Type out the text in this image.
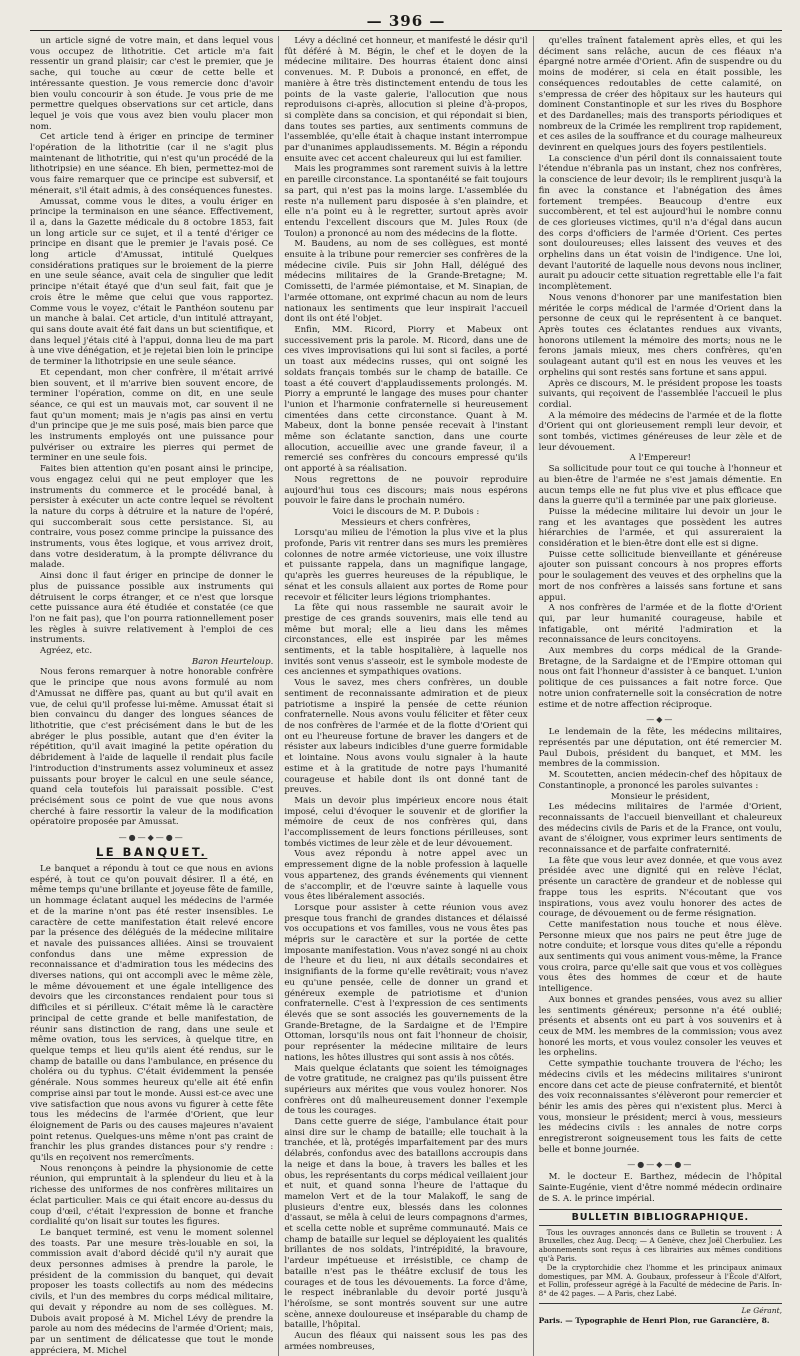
— 396 —

un article signé de votre main, et dans lequel vous vous occupez de lithotritie. Cet article m'a fait ressentir un grand plaisir; car c'est le premier, que je sache, qui touche au cœur de cette belle et intéressante question. Je vous remercie donc d'avoir bien voulu concourir à son étude. Je vous prie de me permettre quelques observations sur cet article, dans lequel je vois que vous avez bien voulu placer mon nom.

Cet article tend à ériger en principe de terminer l'opération de la lithotritie (car il ne s'agit plus maintenant de lithotritie, qui n'est qu'un procédé de la lithotripsie) en une séance. Eh bien, permettez-moi de vous faire remarquer que ce principe est subversif, et ménerait, s'il était admis, à des conséquences funestes.

Amussat, comme vous le dites, a voulu ériger en principe la terminaison en une séance. Effectivement, il a, dans la Gazette médicale du 8 octobre 1853, fait un long article sur ce sujet, et il a tenté d'ériger ce principe en disant que le premier je l'avais posé. Ce long article d'Amussat, intitulé Quelques considérations pratiques sur le broiement de la pierre en une seule séance, avait cela de singulier que ledit principe n'était étayé que d'un seul fait, fait que je crois être le même que celui que vous rapportez. Comme vous le voyez, c'était le Panthéon soutenu par un manche à balai. Cet article, d'un intitulé attrayant, qui sans doute avait été fait dans un but scientifique, et dans lequel j'étais cité à l'appui, donna lieu de ma part à une vive dénégation, et je rejetai bien loin le principe de terminer la lithotripsie en une seule séance.

Et cependant, mon cher confrère, il m'était arrivé bien souvent, et il m'arrive bien souvent encore, de terminer l'opération, comme on dit, en une seule séance, ce qui est un mauvais mot, car souvent il ne faut qu'un moment; mais je n'agis pas ainsi en vertu d'un principe que je me suis posé, mais bien parce que les instruments employés ont une puissance pour pulvériser ou extraire les pierres qui permet de terminer en une seule fois.

Faites bien attention qu'en posant ainsi le principe, vous engagez celui qui ne peut employer que les instruments du commerce et le procédé banal, à persister à exécuter un acte contre lequel se révoltent la nature du corps à détruire et la nature de l'opéré, qui succomberait sous cette persistance. Si, au contraire, vous posez comme principe la puissance des instruments, vous êtes logique, et vous arrivez droit, dans votre desideratum, à la prompte délivrance du malade.

Ainsi donc il faut ériger en principe de donner le plus de puissance possible aux instruments qui détruisent le corps étranger, et ce n'est que lorsque cette puissance aura été étudiée et constatée (ce que l'on ne fait pas), que l'on pourra rationnellement poser les règles à suivre relativement à l'emploi de ces instruments.

Agréez, etc.

Baron Heurteloup.

Nous ferons remarquer à notre honorable confrère que le principe que nous avons formulé au nom d'Amussat ne diffère pas, quant au but qu'il avait en vue, de celui qu'il professe lui-même. Amussat était si bien convaincu du danger des longues séances de lithotritie, que c'est précisément dans le but de les abréger le plus possible, autant que d'en éviter la répétition, qu'il avait imaginé la petite opération du débridement à l'aide de laquelle il rendait plus facile l'introduction d'instruments assez volumineux et assez puissants pour broyer le calcul en une seule séance, quand cela toutefois lui paraissait possible. C'est précisément sous ce point de vue que nous avons cherché à faire ressortir la valeur de la modification opératoire proposée par Amussat.

—●—◆—●—
LE BANQUET.

Le banquet a répondu à tout ce que nous en avions espéré, à tout ce qu'on pouvait désirer. Il a été, en même temps qu'une brillante et joyeuse fête de famille, un hommage éclatant auquel les médecins de l'armée et de la marine n'ont pas été rester insensibles. Le caractère de cette manifestation était relevé encore par la présence des délégués de la médecine militaire et navale des puissances alliées. Ainsi se trouvaient confondus dans une même expression de reconnaissance et d'admiration tous les médecins des diverses nations, qui ont accompli avec le même zèle, le même dévouement et une égale intelligence des devoirs que les circonstances rendaient pour tous si difficiles et si périlleux. C'était même là le caractère principal de cette grande et belle manifestation, de réunir sans distinction de rang, dans une seule et même ovation, tous les services, à quelque titre, en quelque temps et lieu qu'ils aient été rendus, sur le champ de bataille ou dans l'ambulance, en présence du choléra ou du typhus. C'était évidemment la pensée générale. Nous sommes heureux qu'elle ait été enfin comprise ainsi par tout le monde. Aussi est-ce avec une vive satisfaction que nous avons vu figurer à cette fête tous les médecins de l'armée d'Orient, que leur éloignement de Paris ou des causes majeures n'avaient point retenus. Quelques-uns même n'ont pas craint de franchir les plus grandes distances pour s'y rendre : qu'ils en reçoivent nos remercîments.

Nous renonçons à peindre la physionomie de cette réunion, qui empruntait à la splendeur du lieu et à la richesse des uniformes de nos confrères militaires un éclat particulier. Mais ce qui était encore au-dessus du coup d'œil, c'était l'expression de bonne et franche cordialité qu'on lisait sur toutes les figures.

Le banquet terminé, est venu le moment solennel des toasts. Par une mesure très-louable en soi, la commission avait d'abord décidé qu'il n'y aurait que deux personnes admises à prendre la parole, le président de la commission du banquet, qui devait proposer les toasts collectifs au nom des médecins civils, et l'un des membres du corps médical militaire, qui devait y répondre au nom de ses collègues. M. Dubois avait proposé à M. Michel Lévy de prendre la parole au nom des médecins de l'armée d'Orient; mais, par un sentiment de délicatesse que tout le monde appréciera, M. Michel

Lévy a décliné cet honneur, et manifesté le désir qu'il fût déféré à M. Bégin, le chef et le doyen de la médecine militaire. Des hourras étaient donc ainsi convenues. M. P. Dubois a prononcé, en effet, de manière à être très distinctement entendu de tous les points de la vaste galerie, l'allocution que nous reproduisons ci-après, allocution si pleine d'à-propos, si complète dans sa concision, et qui répondait si bien, dans toutes ses parties, aux sentiments communs de l'assemblée, qu'elle était à chaque instant interrompue par d'unanimes applaudissements. M. Bégin a répondu ensuite avec cet accent chaleureux qui lui est familier.

Mais les programmes sont rarement suivis à la lettre en pareille circonstance. La spontanéité se fait toujours sa part, qui n'est pas la moins large. L'assemblée du reste n'a nullement paru disposée à s'en plaindre, et elle n'a point eu à le regretter, surtout après avoir entendu l'excellent discours que M. Jules Roux (de Toulon) a prononcé au nom des médecins de la flotte.

M. Baudens, au nom de ses collègues, est monté ensuite à la tribune pour remercier ses confrères de la médecine civile. Puis sir John Hall, délégué des médecins militaires de la Grande-Bretagne; M. Comissetti, de l'armée piémontaise, et M. Sinapian, de l'armée ottomane, ont exprimé chacun au nom de leurs nationaux les sentiments que leur inspirait l'accueil dont ils ont été l'objet.

Enfin, MM. Ricord, Piorry et Mabeux ont successivement pris la parole. M. Ricord, dans une de ces vives improvisations qui lui sont si faciles, a porté un toast aux médecins russes, qui ont soigné les soldats français tombés sur le champ de bataille. Ce toast a été couvert d'applaudissements prolongés. M. Piorry a emprunté le langage des muses pour chanter l'union et l'harmonie confraternelle si heureusement cimentées dans cette circonstance. Quant à M. Mabeux, dont la bonne pensée recevait à l'instant même son éclatante sanction, dans une courte allocution, accueillie avec une grande faveur, il a remercié ses confrères du concours empressé qu'ils ont apporté à sa réalisation.

Nous regrettons de ne pouvoir reproduire aujourd'hui tous ces discours; mais nous espérons pouvoir le faire dans le prochain numéro.

Voici le discours de M. P. Dubois :

Messieurs et chers confrères,

Lorsqu'au milieu de l'émotion la plus vive et la plus profonde, Paris vit rentrer dans ses murs les premières colonnes de notre armée victorieuse, une voix illustre et puissante rappela, dans un magnifique langage, qu'après les guerres heureuses de la république, le sénat et les consuls allaient aux portes de Rome pour recevoir et féliciter leurs légions triomphantes.

La fête qui nous rassemble ne saurait avoir le prestige de ces grands souvenirs, mais elle tend au même but moral; elle a lieu dans les mêmes circonstances, elle est inspirée par les mêmes sentiments, et la table hospitalière, à laquelle nos invités sont venus s'asseoir, est le symbole modeste de ces anciennes et sympathiques ovations.

Vous le savez, mes chers confrères, un double sentiment de reconnaissante admiration et de pieux patriotisme a inspiré la pensée de cette réunion confraternelle. Nous avons voulu féliciter et fêter ceux de nos confrères de l'armée et de la flotte d'Orient qui ont eu l'heureuse fortune de braver les dangers et de résister aux labeurs indicibles d'une guerre formidable et lointaine. Nous avons voulu signaler à la haute estime et à la gratitude de notre pays l'humanité courageuse et habile dont ils ont donné tant de preuves.

Mais un devoir plus impérieux encore nous était imposé, celui d'évoquer le souvenir et de glorifier la mémoire de ceux de nos confrères qui, dans l'accomplissement de leurs fonctions périlleuses, sont tombés victimes de leur zèle et de leur dévouement.

Vous avez répondu à notre appel avec un empressement digne de la noble profession à laquelle vous appartenez, des grands événements qui viennent de s'accomplir, et de l'œuvre sainte à laquelle vous vous êtes libéralement associés.

Lorsque pour assister à cette réunion vous avez presque tous franchi de grandes distances et délaissé vos occupations et vos familles, vous ne vous êtes pas mépris sur le caractère et sur la portée de cette imposante manifestation. Vous n'avez songé ni au choix de l'heure et du lieu, ni aux détails secondaires et insignifiants de la forme qu'elle revêtirait; vous n'avez eu qu'une pensée, celle de donner un grand et généreux exemple de patriotisme et d'union confraternelle. C'est à l'expression de ces sentiments élevés que se sont associés les gouvernements de la Grande-Bretagne, de la Sardaigne et de l'Empire Ottoman, lorsqu'ils nous ont fait l'honneur de choisir, pour représenter la médecine militaire de leurs nations, les hôtes illustres qui sont assis à nos côtés.

Mais quelque éclatants que soient les témoignages de votre gratitude, ne craignez pas qu'ils puissent être supérieurs aux mérites que vous voulez honorer. Nos confrères ont dû malheureusement donner l'exemple de tous les courages.

Dans cette guerre de siége, l'ambulance était pour ainsi dire sur le champ de bataille; elle touchait à la tranchée, et là, protégés imparfaitement par des murs délabrés, confondus avec des bataillons accroupis dans la neige et dans la boue, à travers les balles et les obus, les représentants du corps médical veillaient jour et nuit, et quand sonna l'heure de l'attaque du mamelon Vert et de la tour Malakoff, le sang de plusieurs d'entre eux, blessés dans les colonnes d'assaut, se mêla à celui de leurs compagnons d'armes, et scella cette noble et suprême communauté. Mais ce champ de bataille sur lequel se déployaient les qualités brillantes de nos soldats, l'intrépidité, la bravoure, l'ardeur impétueuse et irrésistible, ce champ de bataille n'est pas le théâtre exclusif de tous les courages et de tous les dévouements. La force d'âme, le respect inébranlable du devoir porté jusqu'à l'héroïsme, se sont montrés souvent sur une autre scène, annexe douloureuse et inséparable du champ de bataille, l'hôpital.

Aucun des fléaux qui naissent sous les pas des armées nombreuses,

qu'elles traînent fatalement après elles, et qui les déciment sans relâche, aucun de ces fléaux n'a épargné notre armée d'Orient. Afin de suspendre ou du moins de modérer, si cela en était possible, les conséquences redoutables de cette calamité, on s'empressa de créer des hôpitaux sur les hauteurs qui dominent Constantinople et sur les rives du Bosphore et des Dardanelles; mais des transports périodiques et nombreux de la Crimée les remplirent trop rapidement, et ces asiles de la souffrance et du courage malheureux devinrent en quelques jours des foyers pestilentiels.

La conscience d'un péril dont ils connaissaient toute l'étendue n'ébranla pas un instant, chez nos confrères, la conscience de leur devoir; ils le remplirent jusqu'à la fin avec la constance et l'abnégation des âmes fortement trempées. Beaucoup d'entre eux succombèrent, et tel est aujourd'hui le nombre connu de ces glorieuses victimes, qu'il n'a d'égal dans aucun des corps d'officiers de l'armée d'Orient. Ces pertes sont douloureuses; elles laissent des veuves et des orphelins dans un état voisin de l'indigence. Une loi, devant l'autorité de laquelle nous devons nous incliner, aurait pu adoucir cette situation regrettable elle l'a fait incomplètement.

Nous venons d'honorer par une manifestation bien méritée le corps médical de l'armée d'Orient dans la personne de ceux qui le représentent à ce banquet. Après toutes ces éclatantes rendues aux vivants, honorons utilement la mémoire des morts; nous ne le ferons jamais mieux, mes chers confrères, qu'en soulageant autant qu'il est en nous les veuves et les orphelins qui sont restés sans fortune et sans appui.

Après ce discours, M. le président propose les toasts suivants, qui reçoivent de l'assemblée l'accueil le plus cordial.

A la mémoire des médecins de l'armée et de la flotte d'Orient qui ont glorieusement rempli leur devoir, et sont tombés, victimes généreuses de leur zèle et de leur dévouement.

A l'Empereur!

Sa sollicitude pour tout ce qui touche à l'honneur et au bien-être de l'armée ne s'est jamais démentie. En aucun temps elle ne fut plus vive et plus efficace que dans la guerre qu'il a terminée par une paix glorieuse.

Puisse la médecine militaire lui devoir un jour le rang et les avantages que possèdent les autres hiérarchies de l'armée, et qui assureraient la considération et le bien-être dont elle est si digne.

Puisse cette sollicitude bienveillante et généreuse ajouter son puissant concours à nos propres efforts pour le soulagement des veuves et des orphelins que la mort de nos confrères a laissés sans fortune et sans appui.

A nos confrères de l'armée et de la flotte d'Orient qui, par leur humanité courageuse, habile et infatigable, ont mérité l'admiration et la reconnaissance de leurs concitoyens.

Aux membres du corps médical de la Grande-Bretagne, de la Sardaigne et de l'Empire ottoman qui nous ont fait l'honneur d'assister à ce banquet. L'union politique de ces puissances a fait notre force. Que notre union confraternelle soit la consécration de notre estime et de notre affection réciproque.

—◆—

Le lendemain de la fête, les médecins militaires, représentés par une députation, ont été remercier M. Paul Dubois, président du banquet, et MM. les membres de la commission.

M. Scoutetten, ancien médecin-chef des hôpitaux de Constantinople, a prononcé les paroles suivantes :

Monsieur le président,

Les médecins militaires de l'armée d'Orient, reconnaissants de l'accueil bienveillant et chaleureux des médecins civils de Paris et de la France, ont voulu, avant de s'éloigner, vous exprimer leurs sentiments de reconnaissance et de parfaite confraternité.

La fête que vous leur avez donnée, et que vous avez présidée avec une dignité qui en relève l'éclat, présente un caractère de grandeur et de noblesse qui frappe tous les esprits. N'écoutant que vos inspirations, vous avez voulu honorer des actes de courage, de dévouement ou de ferme résignation.

Cette manifestation nous touche et nous élève. Personne mieux que nos pairs ne peut être juge de notre conduite; et lorsque vous dites qu'elle a répondu aux sentiments qui vous animent vous-même, la France vous croira, parce qu'elle sait que vous et vos collègues vous êtes des hommes de cœur et de haute intelligence.

Aux bonnes et grandes pensées, vous avez su allier les sentiments généreux; personne n'a été oublié; présents et absents ont eu part à vos souvenirs et à ceux de MM. les membres de la commission; vous avez honoré les morts, et vous voulez consoler les veuves et les orphelins.

Cette sympathie touchante trouvera de l'écho; les médecins civils et les médecins militaires s'uniront encore dans cet acte de pieuse confraternité, et bientôt des voix reconnaissantes s'élèveront pour remercier et bénir les amis des pères qui n'existent plus. Merci à vous, monsieur le président; merci à vous, messieurs les médecins civils : les annales de notre corps enregistreront soigneusement tous les faits de cette belle et bonne journée.

—●—◆—●—

M. le docteur E. Barthez, médecin de l'hôpital Sainte-Eugénie, vient d'être nommé médecin ordinaire de S. A. le prince impérial.

BULLETIN BIBLIOGRAPHIQUE.

Tous les ouvrages annoncés dans ce Bulletin se trouvent : A Bruxelles, chez Aug. Decq; — A Genève, chez Joël Cherbuliez. Les abonnements sont reçus à ces librairies aux mêmes conditions qu'à Paris.

De la cryptorchidie chez l'homme et les principaux animaux domestiques, par MM. A. Goubaux, professeur à l'École d'Alfort, et Follin, professeur agrégé à la Faculté de médecine de Paris. In-8° de 42 pages. — A Paris, chez Labé.

Le Gérant,
Paris. — Typographie de Henri Plon, rue Garancière, 8.
